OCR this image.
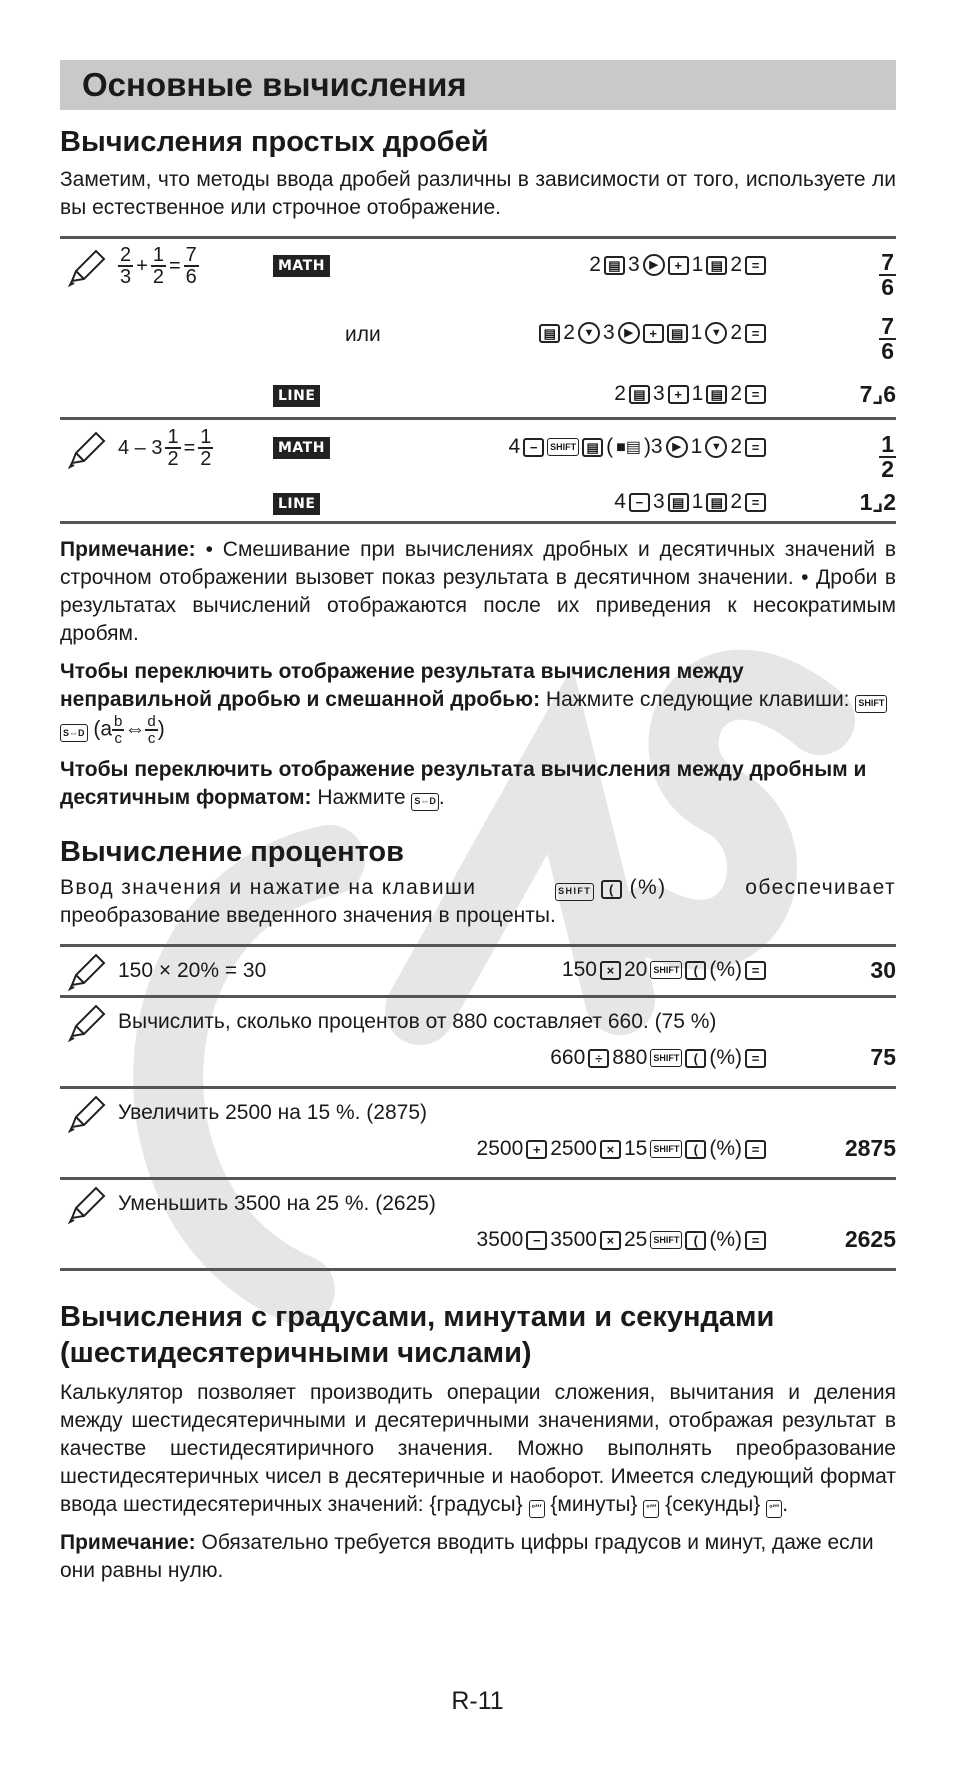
Основные вычисления
Вычисления простых дробей

Заметим, что методы ввода дробей различны в зависимости от того, используете ли вы естественное или строчное отображение.

$\frac{2}{3} + \frac{1}{2} = \frac{7}{6}$	MATH	2 ▤ 3 ▶	+ 1 ▤ 2 =	$\frac{7}{6}$
или	▤ 2 ▼ 3 ▶	+	▤ 1 ▼ 2 =	$\frac{7}{6}$
LINE	2 ▤ 3 + 1 ▤ 2 =	7⌟6
$4 - 3 \frac{1}{2} = \frac{1}{2}$	MATH	4 −	SHIFT ▤ ( ■▤ )3 ▶ 1 ▼ 2 =	$\frac{1}{2}$
LINE	4 − 3 ▤ 1 ▤ 2 =	1⌟2

Примечание: • Смешивание при вычислениях дробных и десятичных значений в строчном отображении вызовет показ результата в десятичном значении. • Дроби в результатах вычислений отображаются после их приведения к несократимым дробям.

Чтобы переключить отображение результата вычисления между неправильной дробью и смешанной дробью: Нажмите следующие клавиши: SHIFT S⇔D ($a \frac{b}{c}$ ⇔ $\frac{d}{c}$ )

Чтобы переключить отображение результата вычисления между дробным и десятичным форматом: Нажмите S⇔D .

Вычисление процентов

Ввод значения и нажатие на клавиши	SHIFT ( (%)	обеспечивает
преобразование введенного значения в проценты.

150 × 20% = 30	150 × 20 SHIFT	( (%) =	30
Вычислить, сколько процентов от 880 составляет 660. (75 %)
660 ÷ 880 SHIFT	( (%) =	75
Увеличить 2500 на 15 %. (2875)
2500 + 2500 × 15 SHIFT	( (%) =	2875
Уменьшить 3500 на 25 %. (2625)
3500 − 3500 × 25 SHIFT	( (%) =	2625
Вычисления с градусами, минутами и секундами (шестидесятеричными числами)

Калькулятор позволяет производить операции сложения, вычитания и деления между шестидесятеричными и десятеричными значениями, отображая результат в качестве шестидесятиричного значения. Можно выполнять преобразование шестидесятеричных чисел в десятеричные и наоборот. Имеется следующий формат ввода шестидесятеричных значений: {градусы} °′″ {минуты} °′″ {секунды} °′″ .

Примечание: Обязательно требуется вводить цифры градусов и минут, даже если они равны нулю.

R-11
